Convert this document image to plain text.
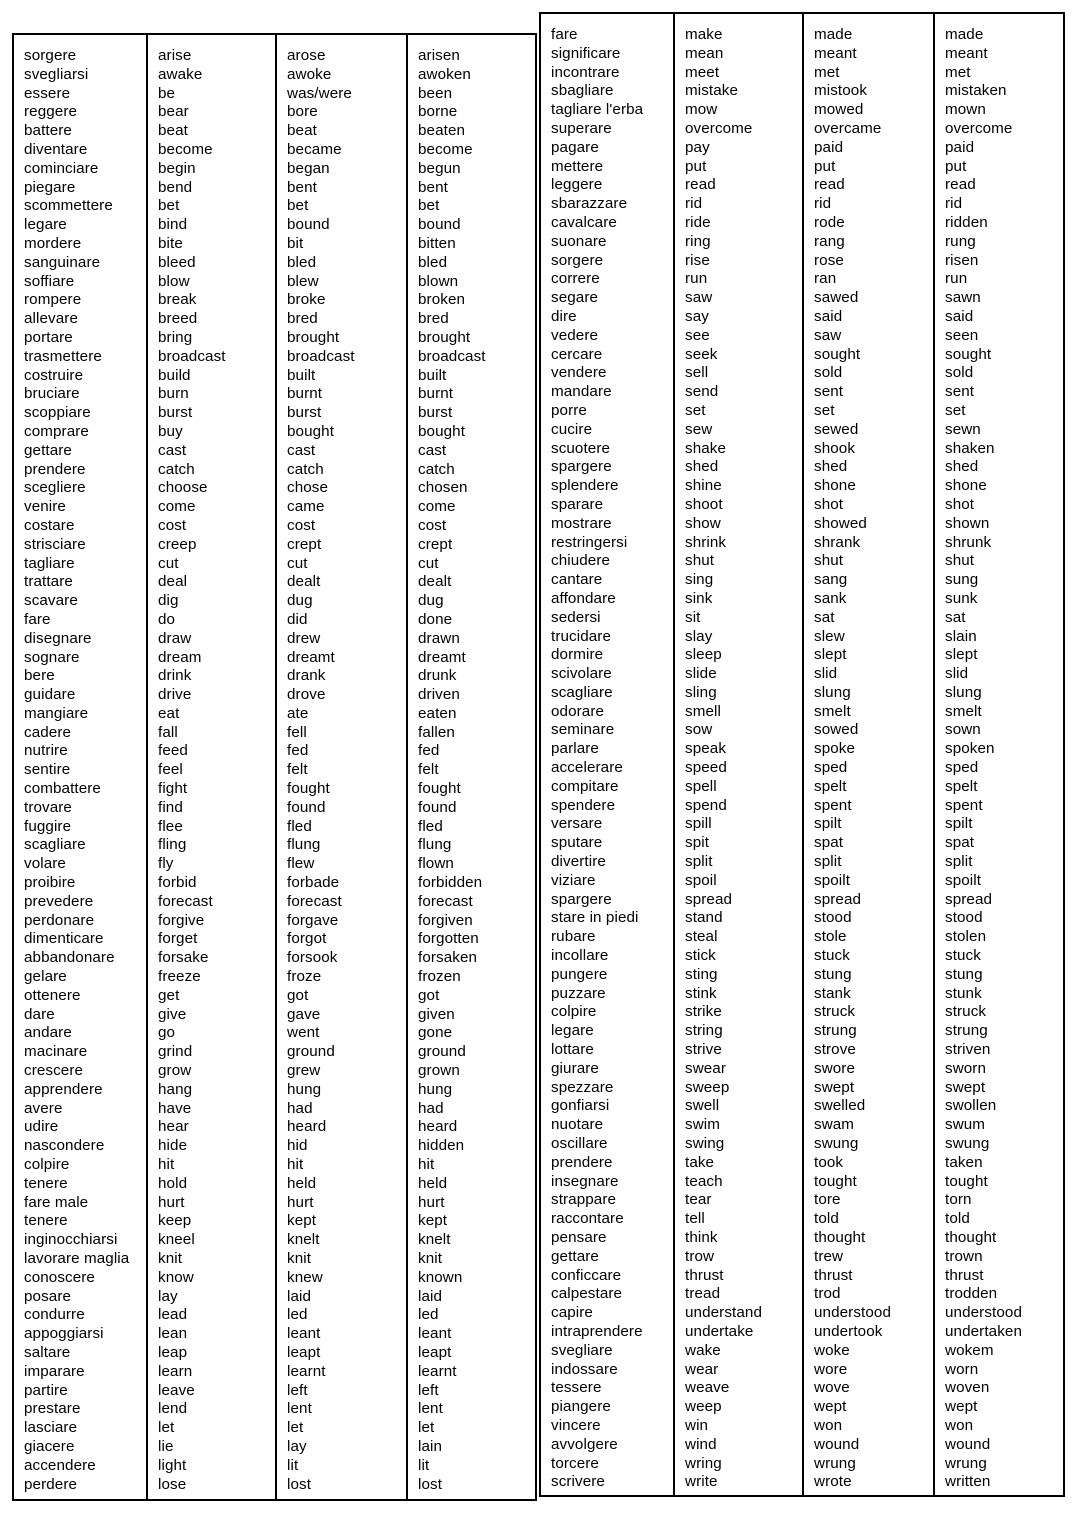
sorgere
svegliarsi
essere
reggere
battere
diventare
cominciare
piegare
scommettere
legare
mordere
sanguinare
soffiare
rompere
allevare
portare
trasmettere
costruire
bruciare
scoppiare
comprare
gettare
prendere
scegliere
venire
costare
strisciare
tagliare
trattare
scavare
fare
disegnare
sognare
bere
guidare
mangiare
cadere
nutrire
sentire
combattere
trovare
fuggire
scagliare
volare
proibire
prevedere
perdonare
dimenticare
abbandonare
gelare
ottenere
dare
andare
macinare
crescere
apprendere
avere
udire
nascondere
colpire
tenere
fare male
tenere
inginocchiarsi
lavorare maglia
conoscere
posare
condurre
appoggiarsi
saltare
imparare
partire
prestare
lasciare
giacere
accendere
perdere
arise
awake
be
bear
beat
become
begin
bend
bet
bind
bite
bleed
blow
break
breed
bring
broadcast
build
burn
burst
buy
cast
catch
choose
come
cost
creep
cut
deal
dig
do
draw
dream
drink
drive
eat
fall
feed
feel
fight
find
flee
fling
fly
forbid
forecast
forgive
forget
forsake
freeze
get
give
go
grind
grow
hang
have
hear
hide
hit
hold
hurt
keep
kneel
knit
know
lay
lead
lean
leap
learn
leave
lend
let
lie
light
lose
arose
awoke
was/were
bore
beat
became
began
bent
bet
bound
bit
bled
blew
broke
bred
brought
broadcast
built
burnt
burst
bought
cast
catch
chose
came
cost
crept
cut
dealt
dug
did
drew
dreamt
drank
drove
ate
fell
fed
felt
fought
found
fled
flung
flew
forbade
forecast
forgave
forgot
forsook
froze
got
gave
went
ground
grew
hung
had
heard
hid
hit
held
hurt
kept
knelt
knit
knew
laid
led
leant
leapt
learnt
left
lent
let
lay
lit
lost
arisen
awoken
been
borne
beaten
become
begun
bent
bet
bound
bitten
bled
blown
broken
bred
brought
broadcast
built
burnt
burst
bought
cast
catch
chosen
come
cost
crept
cut
dealt
dug
done
drawn
dreamt
drunk
driven
eaten
fallen
fed
felt
fought
found
fled
flung
flown
forbidden
forecast
forgiven
forgotten
forsaken
frozen
got
given
gone
ground
grown
hung
had
heard
hidden
hit
held
hurt
kept
knelt
knit
known
laid
led
leant
leapt
learnt
left
lent
let
lain
lit
lost
fare
significare
incontrare
sbagliare
tagliare l'erba
superare
pagare
mettere
leggere
sbarazzare
cavalcare
suonare
sorgere
correre
segare
dire
vedere
cercare
vendere
mandare
porre
cucire
scuotere
spargere
splendere
sparare
mostrare
restringersi
chiudere
cantare
affondare
sedersi
trucidare
dormire
scivolare
scagliare
odorare
seminare
parlare
accelerare
compitare
spendere
versare
sputare
divertire
viziare
spargere
stare in piedi
rubare
incollare
pungere
puzzare
colpire
legare
lottare
giurare
spezzare
gonfiarsi
nuotare
oscillare
prendere
insegnare
strappare
raccontare
pensare
gettare
conficcare
calpestare
capire
intraprendere
svegliare
indossare
tessere
piangere
vincere
avvolgere
torcere
scrivere
make
mean
meet
mistake
mow
overcome
pay
put
read
rid
ride
ring
rise
run
saw
say
see
seek
sell
send
set
sew
shake
shed
shine
shoot
show
shrink
shut
sing
sink
sit
slay
sleep
slide
sling
smell
sow
speak
speed
spell
spend
spill
spit
split
spoil
spread
stand
steal
stick
sting
stink
strike
string
strive
swear
sweep
swell
swim
swing
take
teach
tear
tell
think
trow
thrust
tread
understand
undertake
wake
wear
weave
weep
win
wind
wring
write
made
meant
met
mistook
mowed
overcame
paid
put
read
rid
rode
rang
rose
ran
sawed
said
saw
sought
sold
sent
set
sewed
shook
shed
shone
shot
showed
shrank
shut
sang
sank
sat
slew
slept
slid
slung
smelt
sowed
spoke
sped
spelt
spent
spilt
spat
split
spoilt
spread
stood
stole
stuck
stung
stank
struck
strung
strove
swore
swept
swelled
swam
swung
took
tought
tore
told
thought
trew
thrust
trod
understood
undertook
woke
wore
wove
wept
won
wound
wrung
wrote
made
meant
met
mistaken
mown
overcome
paid
put
read
rid
ridden
rung
risen
run
sawn
said
seen
sought
sold
sent
set
sewn
shaken
shed
shone
shot
shown
shrunk
shut
sung
sunk
sat
slain
slept
slid
slung
smelt
sown
spoken
sped
spelt
spent
spilt
spat
split
spoilt
spread
stood
stolen
stuck
stung
stunk
struck
strung
striven
sworn
swept
swollen
swum
swung
taken
tought
torn
told
thought
trown
thrust
trodden
understood
undertaken
wokem
worn
woven
wept
won
wound
wrung
written
